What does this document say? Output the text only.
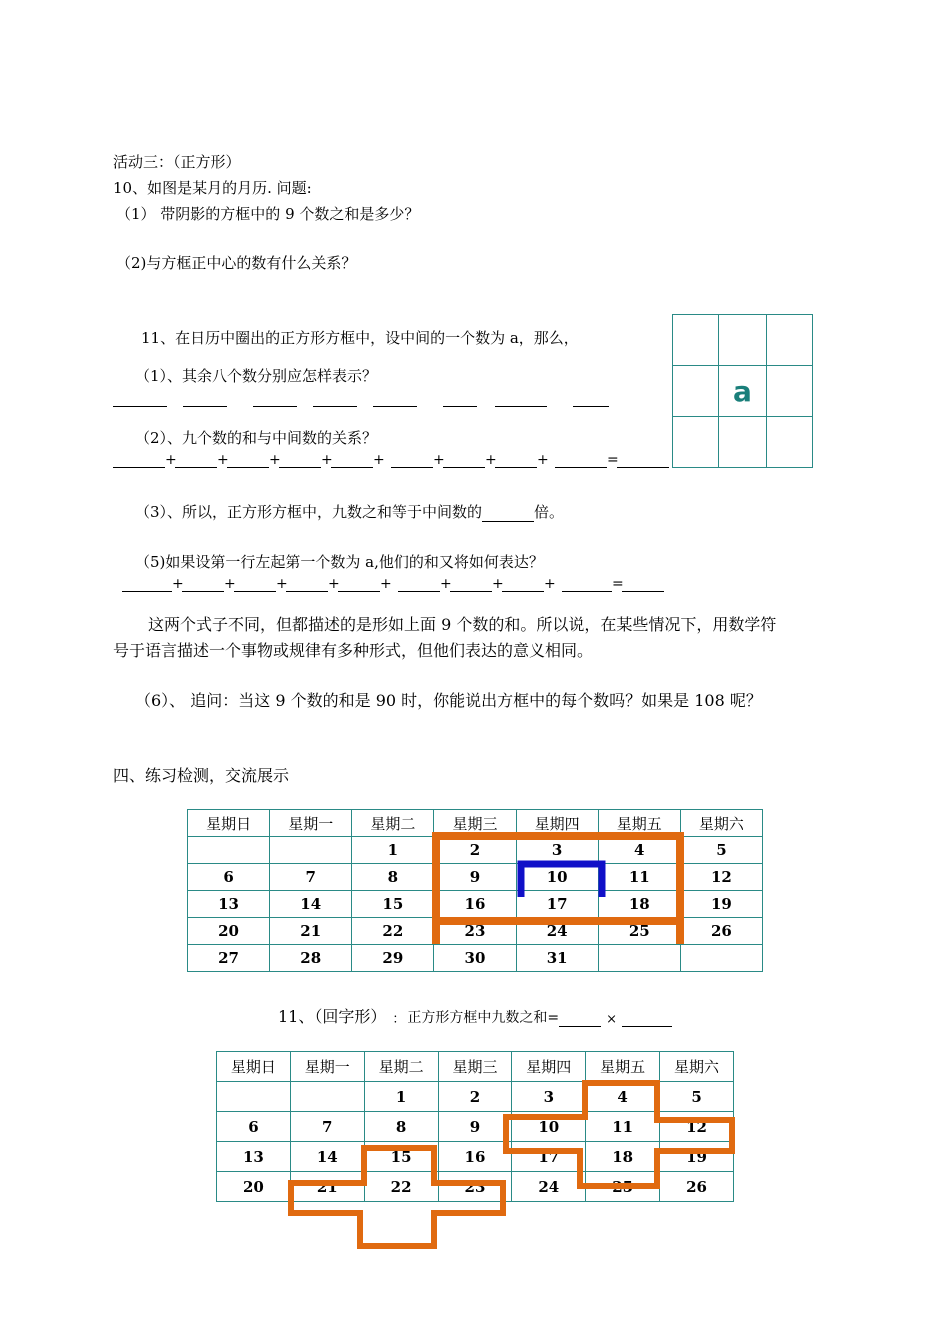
活动三：（正方形）
10、如图是某月的月历. 问题:
（1） 带阴影的方框中的 9 个数之和是多少？
（2)与方框正中心的数有什么关系？
11、在日历中圈出的正方形方框中，设中间的一个数为 a，那么，
（1）、其余八个数分别应怎样表示？
（2）、九个数的和与中间数的关系？
+	+	+	+	+	+	+	+	=

	a	

（3）、所以，正方形方框中，九数之和等于中间数的	倍。
（5)如果设第一行左起第一个数为 a,他们的和又将如何表达？
+	+	+	+	+	+	+	+	=
这两个式子不同，但都描述的是形如上面 9 个数的和。所以说，在某些情况下，用数学符
号于语言描述一个事物或规律有多种形式，但他们表达的意义相同。
（6）、 追问：当这 9 个数的和是 90 时，你能说出方框中的每个数吗？如果是 108 呢？
四、练习检测，交流展示
星期日	星期一	星期二	星期三	星期四	星期五	星期六
		1	2	3	4	5
6	7	8	9	10	11	12
13	14	15	16	17	18	19
20	21	22	23	24	25	26
27	28	29	30	31		
11、（回字形） ： 正方形方框中九数之和=	×
星期日	星期一	星期二	星期三	星期四	星期五	星期六
		1	2	3	4	5
6	7	8	9	10	11	12
13	14	15	16	17	18	19
20	21	22	23	24	25	26
